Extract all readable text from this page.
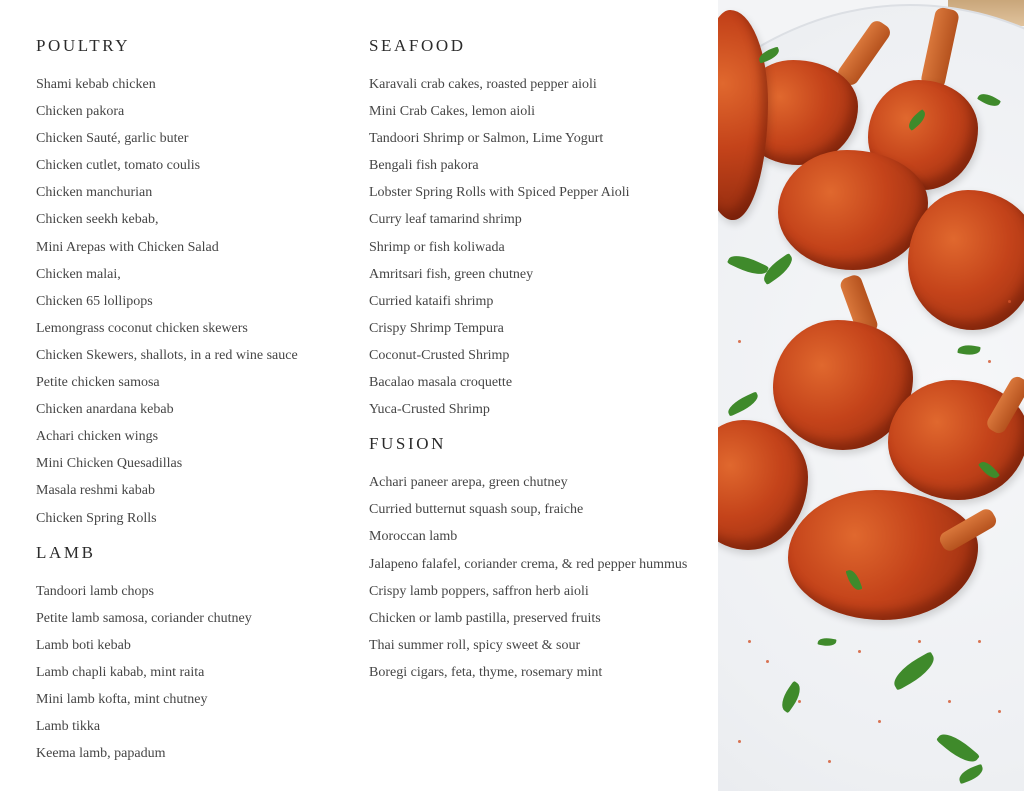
POULTRY
Shami kebab chicken
Chicken pakora
Chicken Sauté, garlic buter
Chicken cutlet, tomato coulis
Chicken manchurian
Chicken seekh kebab,
Mini Arepas with Chicken Salad
Chicken malai,
Chicken 65 lollipops
Lemongrass coconut chicken skewers
Chicken Skewers, shallots, in a red wine sauce
Petite chicken samosa
Chicken anardana kebab
Achari chicken wings
Mini Chicken Quesadillas
Masala reshmi kabab
Chicken Spring Rolls
LAMB
Tandoori lamb chops
Petite lamb samosa, coriander chutney
Lamb boti kebab
Lamb chapli kabab, mint raita
Mini lamb kofta, mint chutney
Lamb tikka
Keema lamb, papadum
SEAFOOD
Karavali crab cakes, roasted pepper aioli
Mini Crab Cakes, lemon aioli
Tandoori Shrimp or Salmon, Lime Yogurt
Bengali fish pakora
Lobster Spring Rolls with Spiced Pepper Aioli
Curry leaf tamarind shrimp
Shrimp or fish koliwada
Amritsari fish, green chutney
Curried kataifi shrimp
Crispy Shrimp Tempura
Coconut-Crusted Shrimp
Bacalao masala croquette
Yuca-Crusted Shrimp
FUSION
Achari paneer arepa, green chutney
Curried butternut squash soup, fraiche
Moroccan lamb
Jalapeno falafel, coriander crema, & red pepper hummus
Crispy lamb poppers, saffron herb aioli
Chicken or lamb pastilla, preserved fruits
Thai summer roll, spicy sweet & sour
Boregi cigars, feta, thyme, rosemary mint
